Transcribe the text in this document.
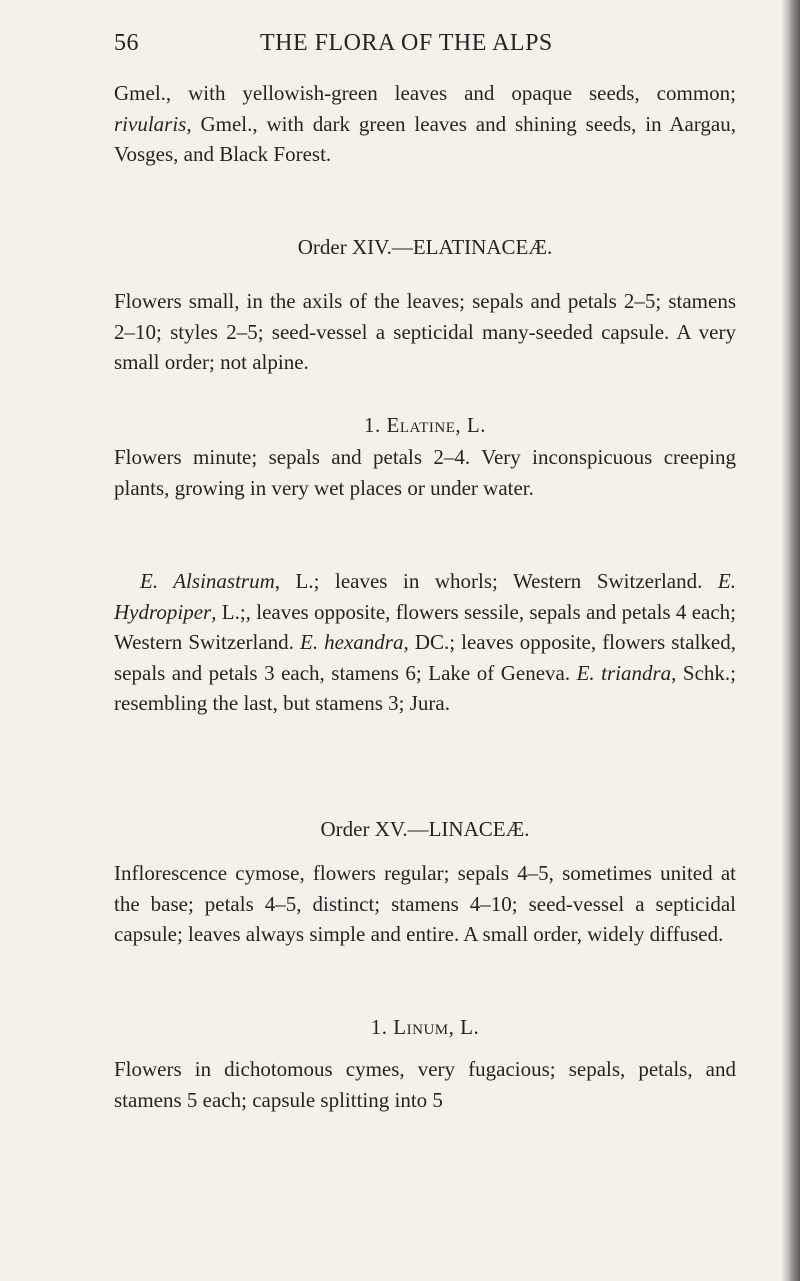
56	THE FLORA OF THE ALPS

Gmel., with yellowish-green leaves and opaque seeds, common; rivularis, Gmel., with dark green leaves and shining seeds, in Aargau, Vosges, and Black Forest.

Order XIV.—ELATINACEÆ.

Flowers small, in the axils of the leaves; sepals and petals 2–5; stamens 2–10; styles 2–5; seed-vessel a septicidal many-seeded capsule. A very small order; not alpine.

1. Elatine, L.

Flowers minute; sepals and petals 2–4. Very inconspicuous creeping plants, growing in very wet places or under water.

E. Alsinastrum, L.; leaves in whorls; Western Switzerland. E. Hydropiper, L.;, leaves opposite, flowers sessile, sepals and petals 4 each; Western Switzerland. E. hexandra, DC.; leaves opposite, flowers stalked, sepals and petals 3 each, stamens 6; Lake of Geneva. E. triandra, Schk.; resembling the last, but stamens 3; Jura.

Order XV.—LINACEÆ.

Inflorescence cymose, flowers regular; sepals 4–5, sometimes united at the base; petals 4–5, distinct; stamens 4–10; seed-vessel a septicidal capsule; leaves always simple and entire. A small order, widely diffused.

1. Linum, L.

Flowers in dichotomous cymes, very fugacious; sepals, petals, and stamens 5 each; capsule splitting into 5
